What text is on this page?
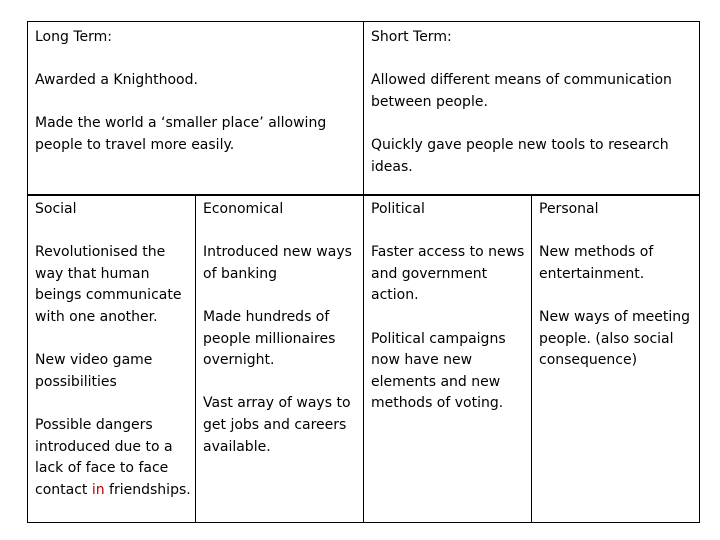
Long Term:

Awarded a Knighthood.

Made the world a ‘smaller place’ allowing people to travel more easily.

Short Term:

Allowed different means of communication between people.

Quickly gave people new tools to research ideas.

Social

Revolutionised the way that human beings communicate with one another.

New video game possibilities

Possible dangers introduced due to a lack of face to face contact in friendships.

Economical

Introduced new ways of banking

Made hundreds of people millionaires overnight.

Vast array of ways to get jobs and careers available.

Political

Faster access to news and government action.

Political campaigns now have new elements and new methods of voting.

Personal

New methods of entertainment.

New ways of meeting people. (also social consequence)
